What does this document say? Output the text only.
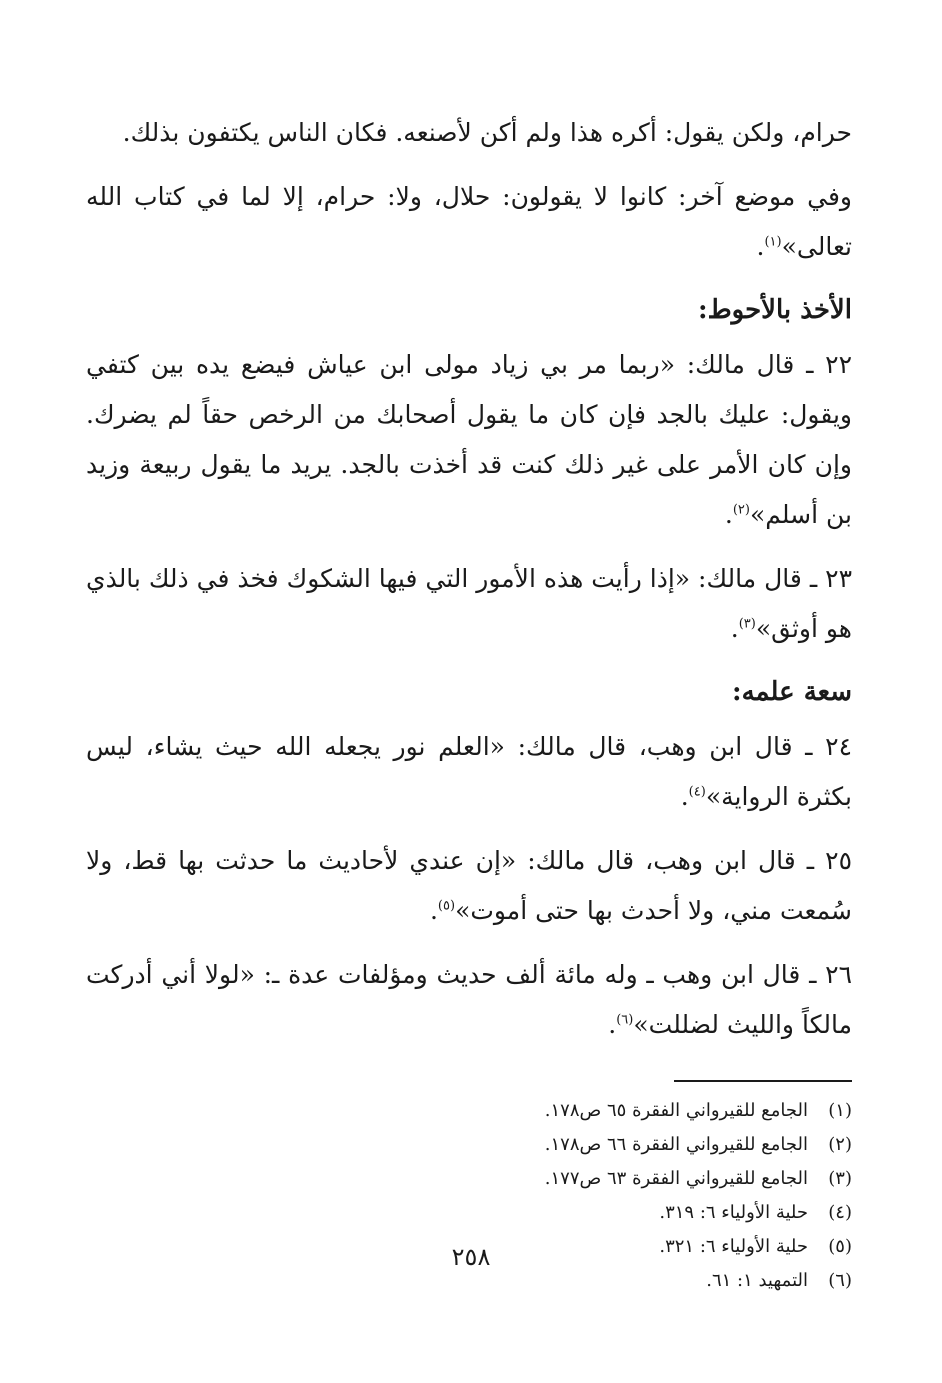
حرام، ولكن يقول: أكره هذا ولم أكن لأصنعه. فكان الناس يكتفون بذلك.

وفي موضع آخر: كانوا لا يقولون: حلال، ولا: حرام، إلا لما في كتاب الله تعالى»$^{(١)}$.

الأخذ بالأحوط:

٢٢ ـ قال مالك: «ربما مر بي زياد مولى ابن عياش فيضع يده بين كتفي ويقول: عليك بالجد فإن كان ما يقول أصحابك من الرخص حقاً لم يضرك. وإن كان الأمر على غير ذلك كنت قد أخذت بالجد. يريد ما يقول ربيعة وزيد بن أسلم»$^{(٢)}$.

٢٣ ـ قال مالك: «إذا رأيت هذه الأمور التي فيها الشكوك فخذ في ذلك بالذي هو أوثق»$^{(٣)}$.

سعة علمه:

٢٤ ـ قال ابن وهب، قال مالك: «العلم نور يجعله الله حيث يشاء، ليس بكثرة الرواية»$^{(٤)}$.

٢٥ ـ قال ابن وهب، قال مالك: «إن عندي لأحاديث ما حدثت بها قط، ولا سُمعت مني، ولا أحدث بها حتى أموت»$^{(٥)}$.

٢٦ ـ قال ابن وهب ـ وله مائة ألف حديث ومؤلفات عدة ـ: «لولا أني أدركت مالكاً والليث لضللت»$^{(٦)}$.

(١)الجامع للقيرواني الفقرة ٦٥ ص١٧٨.

(٢)الجامع للقيرواني الفقرة ٦٦ ص١٧٨.

(٣)الجامع للقيرواني الفقرة ٦٣ ص١٧٧.

(٤)حلية الأولياء ٦: ٣١٩.

(٥)حلية الأولياء ٦: ٣٢١.

(٦)التمهيد ١: ٦١.

٢٥٨
